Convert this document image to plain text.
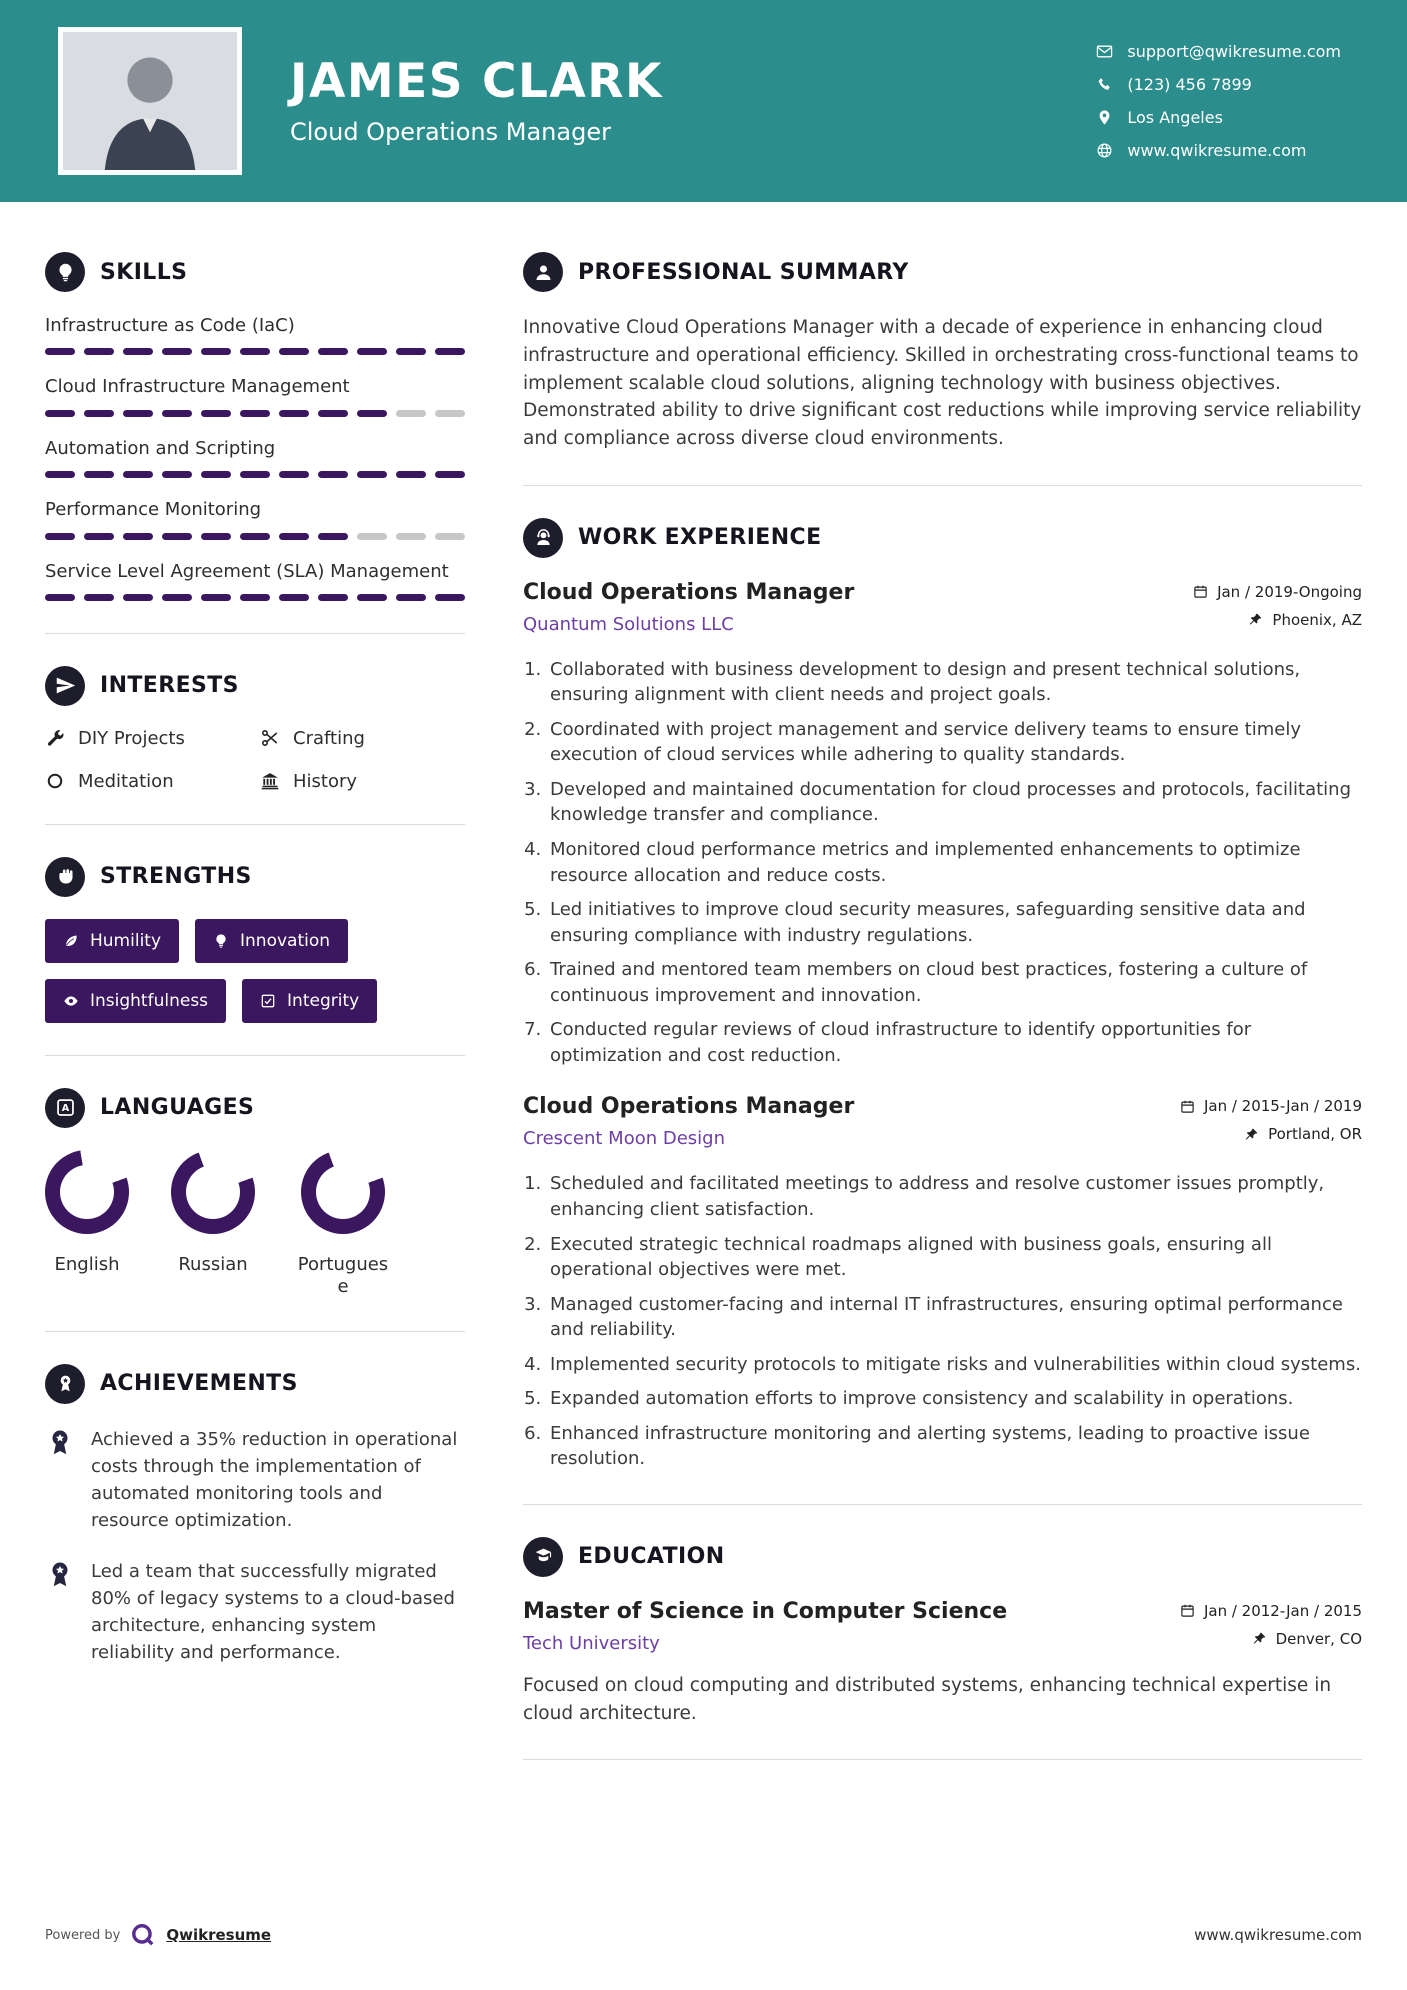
JAMES CLARK
Cloud Operations Manager
support@qwikresume.com
(123) 456 7899
Los Angeles
www.qwikresume.com
SKILLS
Infrastructure as Code (IaC)
Cloud Infrastructure Management
Automation and Scripting
Performance Monitoring
Service Level Agreement (SLA) Management
INTERESTS
DIY Projects	Crafting
Meditation	History
STRENGTHS
Humility	Innovation
Insightfulness	Integrity
A LANGUAGES
English	Russian	Portuguese
ACHIEVEMENTS

Achieved a 35% reduction in operational costs through the implementation of automated monitoring tools and resource optimization.

Led a team that successfully migrated 80% of legacy systems to a cloud-based architecture, enhancing system reliability and performance.

PROFESSIONAL SUMMARY

Innovative Cloud Operations Manager with a decade of experience in enhancing cloud infrastructure and operational efficiency. Skilled in orchestrating cross-functional teams to implement scalable cloud solutions, aligning technology with business objectives. Demonstrated ability to drive significant cost reductions while improving service reliability and compliance across diverse cloud environments.

WORK EXPERIENCE
Cloud Operations Manager
Quantum Solutions LLC
Jan / 2019-Ongoing
Phoenix, AZ
1. Collaborated with business development to design and present technical solutions, ensuring alignment with client needs and project goals.
2. Coordinated with project management and service delivery teams to ensure timely execution of cloud services while adhering to quality standards.
3. Developed and maintained documentation for cloud processes and protocols, facilitating knowledge transfer and compliance.
4. Monitored cloud performance metrics and implemented enhancements to optimize resource allocation and reduce costs.
5. Led initiatives to improve cloud security measures, safeguarding sensitive data and ensuring compliance with industry regulations.
6. Trained and mentored team members on cloud best practices, fostering a culture of continuous improvement and innovation.
7. Conducted regular reviews of cloud infrastructure to identify opportunities for optimization and cost reduction.
Cloud Operations Manager
Crescent Moon Design
Jan / 2015-Jan / 2019
Portland, OR
1. Scheduled and facilitated meetings to address and resolve customer issues promptly, enhancing client satisfaction.
2. Executed strategic technical roadmaps aligned with business goals, ensuring all operational objectives were met.
3. Managed customer-facing and internal IT infrastructures, ensuring optimal performance and reliability.
4. Implemented security protocols to mitigate risks and vulnerabilities within cloud systems.
5. Expanded automation efforts to improve consistency and scalability in operations.
6. Enhanced infrastructure monitoring and alerting systems, leading to proactive issue resolution.
EDUCATION
Master of Science in Computer Science
Tech University
Jan / 2012-Jan / 2015
Denver, CO

Focused on cloud computing and distributed systems, enhancing technical expertise in cloud architecture.

Powered by	Qwikresume	www.qwikresume.com
